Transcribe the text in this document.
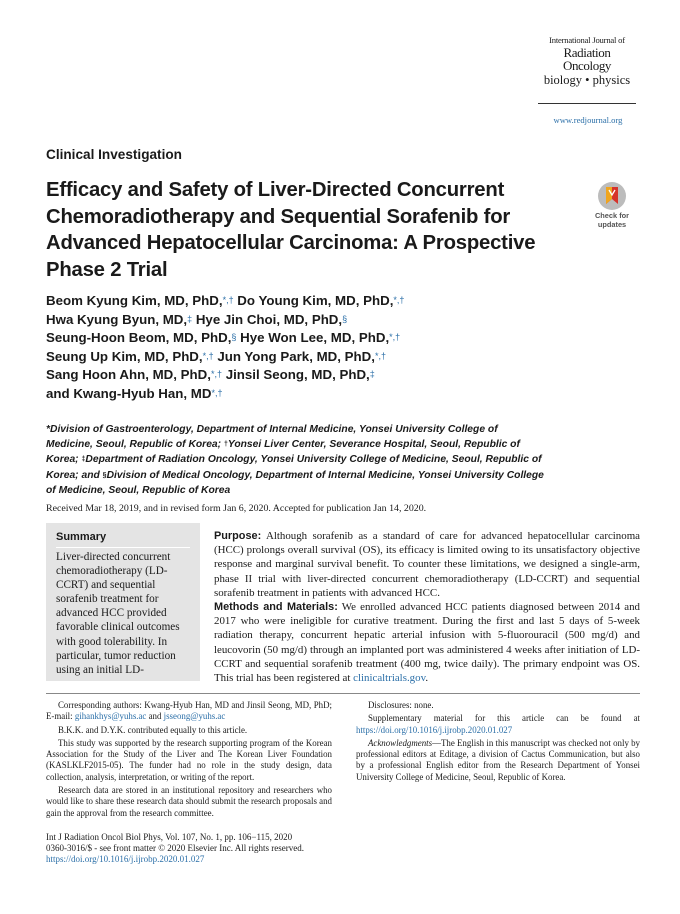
International Journal of
Radiation Oncology
biology • physics
www.redjournal.org
Clinical Investigation
Efficacy and Safety of Liver-Directed Concurrent Chemoradiotherapy and Sequential Sorafenib for Advanced Hepatocellular Carcinoma: A Prospective Phase 2 Trial
Check for
updates
Beom Kyung Kim, MD, PhD,*,† Do Young Kim, MD, PhD,*,†
Hwa Kyung Byun, MD,‡ Hye Jin Choi, MD, PhD,§
Seung-Hoon Beom, MD, PhD,§ Hye Won Lee, MD, PhD,*,†
Seung Up Kim, MD, PhD,*,† Jun Yong Park, MD, PhD,*,†
Sang Hoon Ahn, MD, PhD,*,† Jinsil Seong, MD, PhD,‡
and Kwang-Hyub Han, MD*,†
*Division of Gastroenterology, Department of Internal Medicine, Yonsei University College of Medicine, Seoul, Republic of Korea; †Yonsei Liver Center, Severance Hospital, Seoul, Republic of Korea; ‡Department of Radiation Oncology, Yonsei University College of Medicine, Seoul, Republic of Korea; and §Division of Medical Oncology, Department of Internal Medicine, Yonsei University College of Medicine, Seoul, Republic of Korea
Received Mar 18, 2019, and in revised form Jan 6, 2020. Accepted for publication Jan 14, 2020.
Summary
Liver-directed concurrent chemoradiotherapy (LD-CCRT) and sequential sorafenib treatment for advanced HCC provided favorable clinical outcomes with good tolerability. In particular, tumor reduction using an initial LD-
Purpose: Although sorafenib as a standard of care for advanced hepatocellular carcinoma (HCC) prolongs overall survival (OS), its efficacy is limited owing to its unsatisfactory objective response and marginal survival benefit. To counter these limitations, we designed a single-arm, phase II trial with liver-directed concurrent chemoradiotherapy (LD-CCRT) and sequential sorafenib treatment in patients with advanced HCC.
Methods and Materials: We enrolled advanced HCC patients diagnosed between 2014 and 2017 who were ineligible for curative treatment. During the first and last 5 days of 5-week radiation therapy, concurrent hepatic arterial infusion with 5-fluorouracil (500 mg/d) and leucovorin (50 mg/d) through an implanted port was administered 4 weeks after initiation of LD-CCRT and sequential sorafenib treatment (400 mg, twice daily). The primary endpoint was OS. This trial has been registered at clinicaltrials.gov.

Corresponding authors: Kwang-Hyub Han, MD and Jinsil Seong, MD, PhD; E-mail: gihankhys@yuhs.ac and jsseong@yuhs.ac

B.K.K. and D.Y.K. contributed equally to this article.

This study was supported by the research supporting program of the Korean Association for the Study of the Liver and The Korean Liver Foundation (KASLKLF2015-05). The funder had no role in the study design, data collection, analysis, interpretation, or writing of the report.

Research data are stored in an institutional repository and researchers who would like to share these research data should submit the research proposals and gain the approval from the research committee.

Disclosures: none.

Supplementary material for this article can be found at https://doi.org/10.1016/j.ijrobp.2020.01.027

Acknowledgments—The English in this manuscript was checked not only by professional editors at Editage, a division of Cactus Communication, but also by a professional English editor from the Research Department of Yonsei University College of Medicine, Seoul, Republic of Korea.

Int J Radiation Oncol Biol Phys, Vol. 107, No. 1, pp. 106−115, 2020
0360-3016/$ - see front matter © 2020 Elsevier Inc. All rights reserved.
https://doi.org/10.1016/j.ijrobp.2020.01.027
